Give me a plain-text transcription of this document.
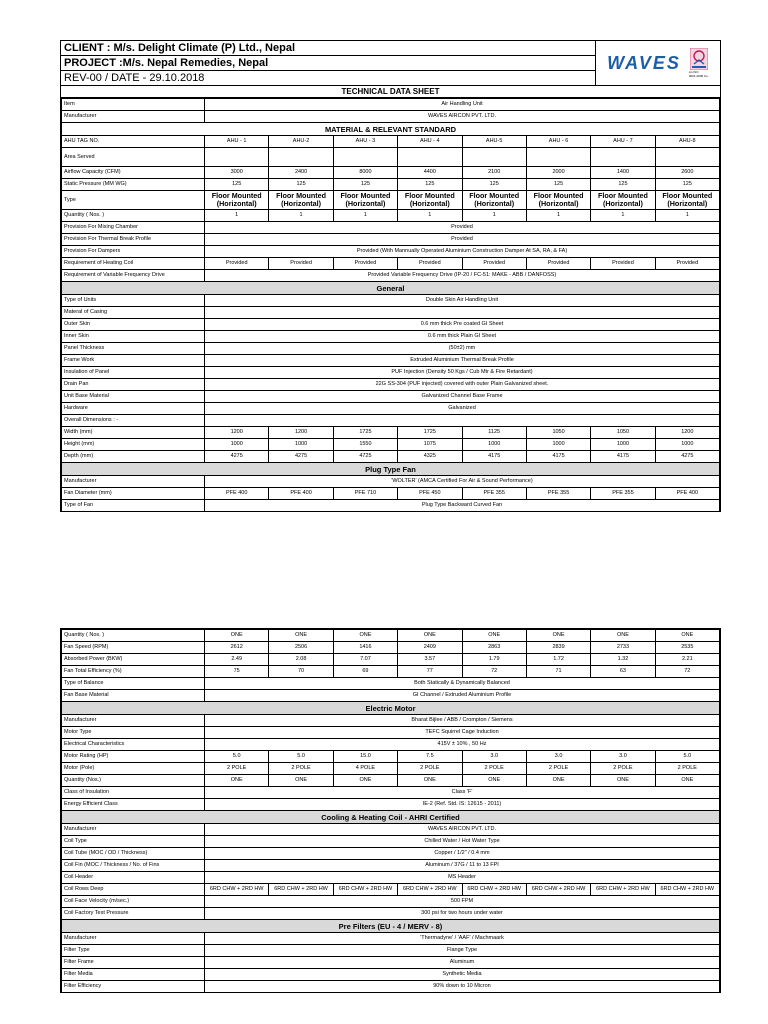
CLIENT : M/s. Delight Climate (P) Ltd., Nepal
PROJECT :M/s. Nepal Remedies, Nepal
REV-00 / DATE - 29.10.2018
WAVES	An ISO 9001:2008 Co.
TECHNICAL DATA SHEET
Item	Air Handling Unit							
Manufacturer	WAVES AIRCON PVT. LTD.							
MATERIAL & RELEVANT STANDARD								
AHU TAG NO.	AHU - 1	AHU-2	AHU - 3	AHU - 4	AHU-5	AHU - 6	AHU - 7	AHU-8
Area Served								
Airflow Capacity (CFM)	3000	2400	8000	4400	2100	2000	1400	2600
Static Pressure (MM WG)	125	125	125	125	125	125	125	125
Type	Floor Mounted (Horizontal)	Floor Mounted (Horizontal)	Floor Mounted (Horizontal)	Floor Mounted (Horizontal)	Floor Mounted (Horizontal)	Floor Mounted (Horizontal)	Floor Mounted (Horizontal)	Floor Mounted (Horizontal)
Quantity ( Nos. )	1	1	1	1	1	1	1	1
Provision For Mixing Chamber	Provided							
Provision For Thermal Break Profile	Provided							
Provision For Dampers	Provided (With Mannually Operated Aluminium Construction Damper At SA, RA, & FA)							
Requirement of Heating Coil	Provided	Provided	Provided	Provided	Provided	Provided	Provided	Provided
Requirement of Variable Frequency Drive	Provided Variable Frequency Drive (IP-20 / FC-51: MAKE - ABB / DANFOSS)							
General								
Type of Units	Double Skin Air Handling Unit							
Materal of Casing								
Outer Skin	0.6 mm thick Pre coated GI Sheet							
Inner Skin	0.6 mm thick Plain GI Sheet							
Panel Thickness	(50±2) mm							
Frame Work	Extruded Aluminium Thermal Break Profile							
Insulation of Panel	PUF Injection (Density 50 Kgs / Cub Mtr & Fire Retardant)							
Drain Pan	22G SS-304 (PUF injected) covered with outer Plain Galvanized sheet.							
Unit Base Material	Galvanized Channel Base Frame							
Hardware	Galvanized							
Overall Dimensions : -								
Width (mm)	1200	1200	1725	1725	1125	1050	1050	1200
Height (mm)	1000	1000	1550	1075	1000	1000	1000	1000
Depth (mm)	4275	4275	4725	4325	4175	4175	4175	4275
Plug Type Fan								
Manufacturer	'WOLTER' (AMCA Certified For Air & Sound Performance)							
Fan Diameter (mm)	PFE 400	PFE 400	PFE 710	PFE 450	PFE 355	PFE 355	PFE 355	PFE 400
Type of Fan	Plug Type Backward Curved Fan							
Quantity ( Nos. )	ONE	ONE	ONE	ONE	ONE	ONE	ONE	ONE
Fan Speed (RPM)	2612	2506	1416	2409	2863	2839	2733	2535
Absorbed Power (BKW)	2.49	2.08	7.07	3.57	1.79	1.72	1.32	2.21
Fan Total Efficiency (%)	75	70	69	77	72	71	63	72
Type of Balance	Both Statically & Dynamically Balanced							
Fan Base Material	GI Channel / Extruded Aluminium Profile							
Electric Motor								
Manufacturer	Bharat Bijlee / ABB / Crompton / Siemens							
Motor Type	TEFC Squirrel Cage Induction							
Electrical Characteristics	415V ± 10% , 50 Hz							
Motor Rating (HP)	5.0	5.0	15.0	7.5	3.0	3.0	3.0	5.0
Motor (Pole)	2 POLE	2 POLE	4 POLE	2 POLE	2 POLE	2 POLE	2 POLE	2 POLE
Quantity (Nos.)	ONE	ONE	ONE	ONE	ONE	ONE	ONE	ONE
Class of Insulation	Class 'F'							
Energy Efficient Class	IE-2 (Ref. Std. IS: 12615 - 2011)							
Cooling & Heating Coil - AHRI Certified								
Manufacturer	WAVES AIRCON PVT. LTD.							
Coil Type	Chilled Water / Hot Water Type							
Coil Tube (MOC / OD / Thickness)	Copper / 1/2" / 0.4 mm							
Coil Fin (MOC / Thickness / No. of Fins	Aluminum / 37G / 11 to 13 FPI							
Coil Header	MS Header							
Coil Rows Deep	6RD CHW + 2RD HW	6RD CHW + 2RD HW	6RD CHW + 2RD HW	6RD CHW + 2RD HW	6RD CHW + 2RD HW	6RD CHW + 2RD HW	6RD CHW + 2RD HW	6RD CHW + 2RD HW
Coil Face Velocity (m/sec.)	500 FPM							
Coil Factory Test Pressure	300 psi for two hours under water							
Pre Filters (EU - 4 / MERV - 8)								
Manufacturer	'Thermadyne' / 'AAF' / Machmaark							
Filter Type	Flange Type							
Filter Frame	Aluminum							
Filter Media	Synthetic Media							
Filter Efficiency	90% down to 10 Micron							
